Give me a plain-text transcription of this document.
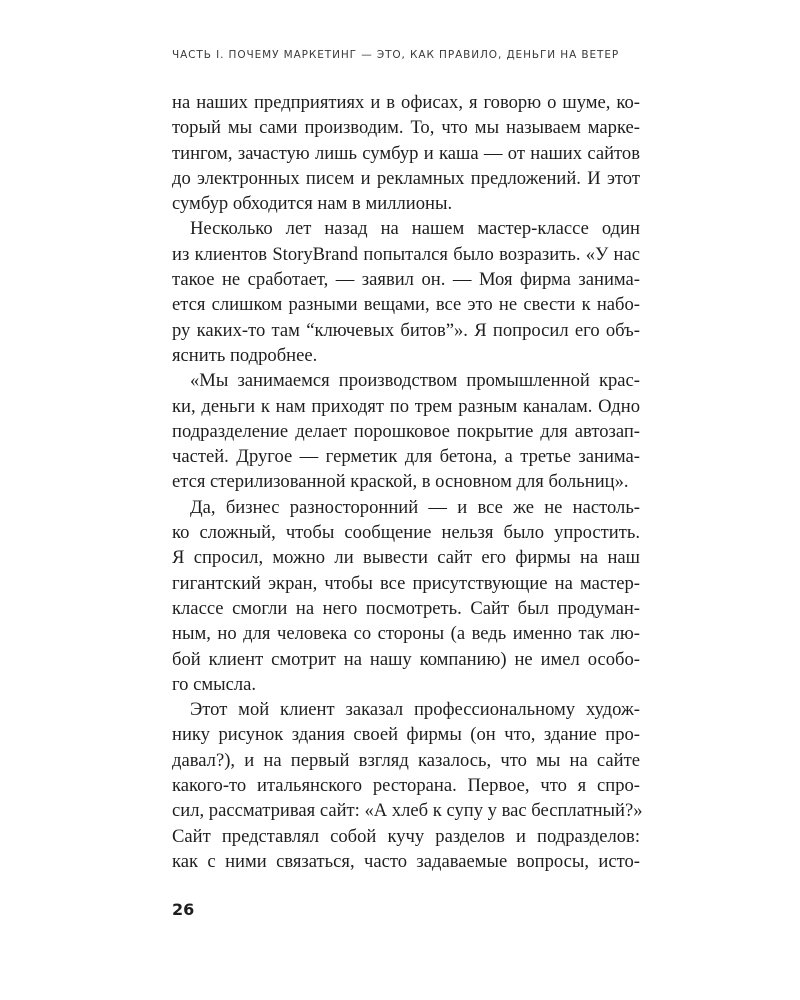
ЧАСТЬ I. ПОЧЕМУ МАРКЕТИНГ — ЭТО, КАК ПРАВИЛО, ДЕНЬГИ НА ВЕТЕР
на наших предприятиях и в офисах, я говорю о шуме, ко-
торый мы сами производим. То, что мы называем марке-
тингом, зачастую лишь сумбур и каша — от наших сайтов
до электронных писем и рекламных предложений. И этот
сумбур обходится нам в миллионы.
Несколько лет назад на нашем мастер-классе один
из клиентов StoryBrand попытался было возразить. «У нас
такое не сработает, — заявил он. — Моя фирма занима-
ется слишком разными вещами, все это не свести к набо-
ру каких-то там “ключевых битов”». Я попросил его объ-
яснить подробнее.
«Мы занимаемся производством промышленной крас-
ки, деньги к нам приходят по трем разным каналам. Одно
подразделение делает порошковое покрытие для автозап-
частей. Другое — герметик для бетона, а третье занима-
ется стерилизованной краской, в основном для больниц».
Да, бизнес разносторонний — и все же не настоль-
ко сложный, чтобы сообщение нельзя было упростить.
Я спросил, можно ли вывести сайт его фирмы на наш
гигантский экран, чтобы все присутствующие на мастер-
классе смогли на него посмотреть. Сайт был продуман-
ным, но для человека со стороны (а ведь именно так лю-
бой клиент смотрит на нашу компанию) не имел особо-
го смысла.
Этот мой клиент заказал профессиональному худож-
нику рисунок здания своей фирмы (он что, здание про-
давал?), и на первый взгляд казалось, что мы на сайте
какого-то итальянского ресторана. Первое, что я спро-
сил, рассматривая сайт: «А хлеб к супу у вас бесплатный?»
Сайт представлял собой кучу разделов и подразделов:
как с ними связаться, часто задаваемые вопросы, исто-
26
